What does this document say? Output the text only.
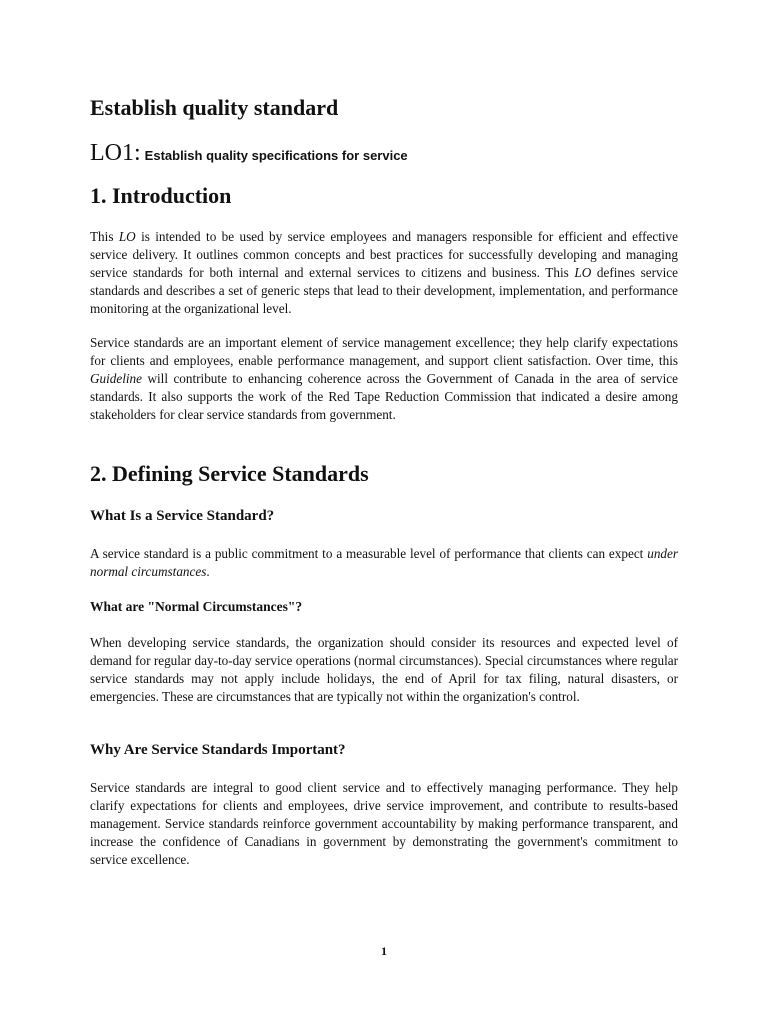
Establish quality standard
LO1: Establish quality specifications for service
1. Introduction

This LO is intended to be used by service employees and managers responsible for efficient and effective service delivery. It outlines common concepts and best practices for successfully developing and managing service standards for both internal and external services to citizens and business. This LO defines service standards and describes a set of generic steps that lead to their development, implementation, and performance monitoring at the organizational level.

Service standards are an important element of service management excellence; they help clarify expectations for clients and employees, enable performance management, and support client satisfaction. Over time, this Guideline will contribute to enhancing coherence across the Government of Canada in the area of service standards. It also supports the work of the Red Tape Reduction Commission that indicated a desire among stakeholders for clear service standards from government.

2. Defining Service Standards
What Is a Service Standard?

A service standard is a public commitment to a measurable level of performance that clients can expect under normal circumstances.

What are "Normal Circumstances"?

When developing service standards, the organization should consider its resources and expected level of demand for regular day-to-day service operations (normal circumstances). Special circumstances where regular service standards may not apply include holidays, the end of April for tax filing, natural disasters, or emergencies. These are circumstances that are typically not within the organization's control.

Why Are Service Standards Important?

Service standards are integral to good client service and to effectively managing performance. They help clarify expectations for clients and employees, drive service improvement, and contribute to results-based management. Service standards reinforce government accountability by making performance transparent, and increase the confidence of Canadians in government by demonstrating the government's commitment to service excellence.

1
